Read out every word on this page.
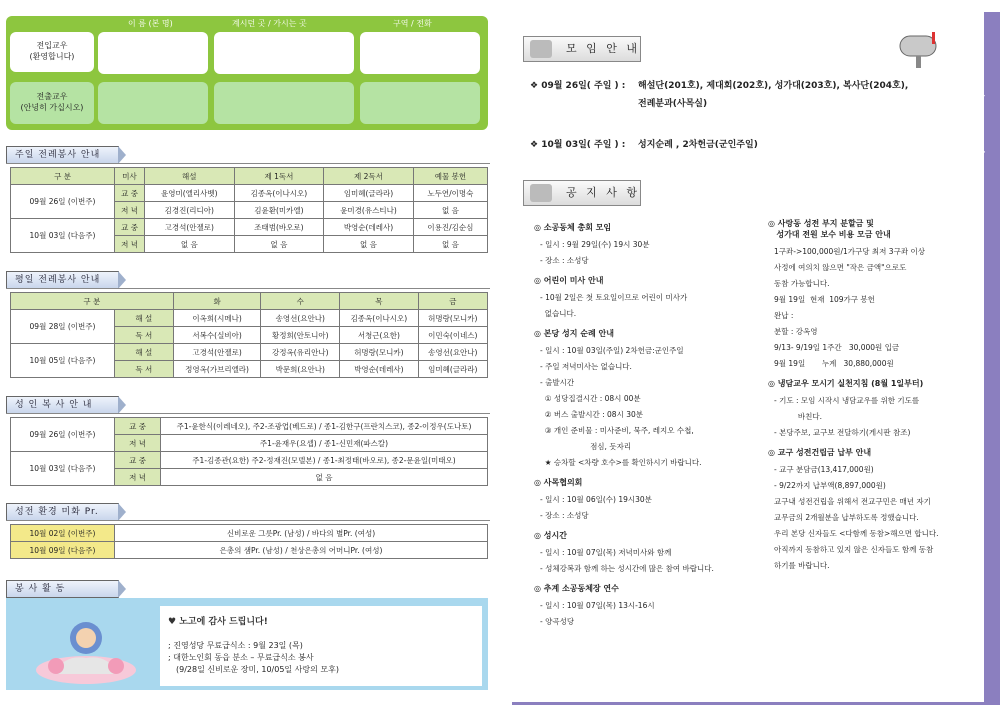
이 름 (본 명)	계시던 곳 / 가시는 곳	구역 / 전화
전입교우
(환영합니다)
전출교우
(안녕히 가십시오)
주일 전례봉사 안내
구 분	미사	해설	제 1독서	제 2독서	예물 봉헌
09월 26일 (이번주)	교 중	윤영미(엘리사벳)	김종옥(이나시오)	임미혜(글라라)	노두연/이명숙
	저 녁	김경진(리디아)	김윤환(미카엘)	윤미경(유스티나)	없 음
10월 03일 (다음주)	교 중	고경석(안젤로)	조태범(바오로)	박영순(데레사)	이용진/김순심
	저 녁	없 음	없 음	없 음	없 음
평일 전례봉사 안내
구 분		화	수	목	금
09월 28일 (이번주)	해 설	이옥희(시메나)	송영선(요안나)	김종옥(이나시오)	허명랑(모니카)
	독 서	서복수(실비아)	황정희(안토니아)	서청근(요한)	이민숙(이네스)
10월 05일 (다음주)	해 설	고경석(안젤로)	강정옥(유리안나)	허명랑(모니카)	송영선(요안나)
	독 서	정영옥(가브리엘라)	박문희(요안나)	박영순(데레사)	임미혜(글라라)
성 인 복 사 안 내
09월 26일 (이번주)	교 중	주1-윤한식(이레네오), 주2-조광업(베드로) / 종1-김한구(프란치스코), 종2-이정우(도나토)
	저 녁	주1-윤재우(요셉) / 종1-신민재(파스칼)
10월 03일 (다음주)	교 중	주1-김종관(요한) 주2-정재진(모델본) / 종1-최정태(바오로), 종2-문윤일(미태오)
	저 녁	없 음
성전 환경 미화 Pr.
10월 02일 (이번주)	신비로운 그릇Pr. (남성) / 바다의 별Pr. (여성)
10월 09일 (다음주)	은총의 샘Pr. (남성) / 천상은총의 어머니Pr. (여성)
봉 사 활 동
♥ 노고에 감사 드립니다!
; 진영성당 무료급식소 : 9월 23일 (목)
; 대한노인회 동읍 분소 – 무료급식소 봉사
(9/28일 신비로운 장미, 10/05일 사랑의 모후)
교
회
소
식
모 임 안 내
❖ 09월 26일( 주일 ) : 해설단(201호), 제대회(202호), 성가대(203호), 복사단(204호),
전례분과(사목실)
❖ 10월 03일( 주일 ) : 성지순례 , 2차헌금(군인주일)
공 지 사 항
◎ 소공동체 총회 모임
- 일시 : 9월 29일(수) 19시 30분
- 장소 : 소성당
◎ 어린이 미사 안내
- 10월 2일은 첫 토요일이므로 어린이 미사가
없습니다.
◎ 본당 성지 순례 안내
- 일시 : 10월 03일(주일) 2차헌금:군인주일
- 주일 저녁미사는 없습니다.
- 출발시간
① 성당집결시간 : 08시 00분
② 버스 출발시간 : 08시 30분
③ 개인 준비물 : 미사준비, 묵주, 레지오 수첩,
점심, 돗자리
★ 승차할 <차량 호수>를 확인하시기 바랍니다.
◎ 사목협의회
- 일시 : 10월 06일(수) 19시30분
- 장소 : 소성당
◎ 성시간
- 일시 : 10월 07일(목) 저녁미사와 함께
- 성체강복과 함께 하는 성시간에 많은 참여 바랍니다.
◎ 추계 소공동체장 연수
- 일시 : 10월 07일(목) 13시-16시
- 양곡성당
◎ 사랑동 성전 부지 분할금 및
성가대 전원 보수 비용 모금 안내
1구좌->100,000원/1가구당 최저 3구좌 이상
사정에 여의치 않으면 "작은 금액"으로도
동참 가능합니다.
9월 19일  현재  109가구 봉헌
완납 :
분할 : 강옥영
9/13- 9/19일 1주간   30,000원 입금
9월 19일       누계   30,880,000원
◎ 냉담교우 모시기 실천지침 (8월 1일부터)
- 기도 : 모임 시작시 냉담교우를 위한 기도를
바친다.
- 본당주보, 교구보 전달하기(게시판 참조)
◎ 교구 성전건립금 납부 안내
- 교구 분담금(13,417,000원)
- 9/22까지 납부액(8,897,000원)
교구내 성전건립을 위해서 전교구민은 매년 자기
교무금의 2개월분을 납부하도록 정했습니다.
우리 본당 신자들도 <다함께 동참>해으면 합니다.
아직까지 동참하고 있지 않은 신자들도 함께 동참
하기를 바랍니다.
